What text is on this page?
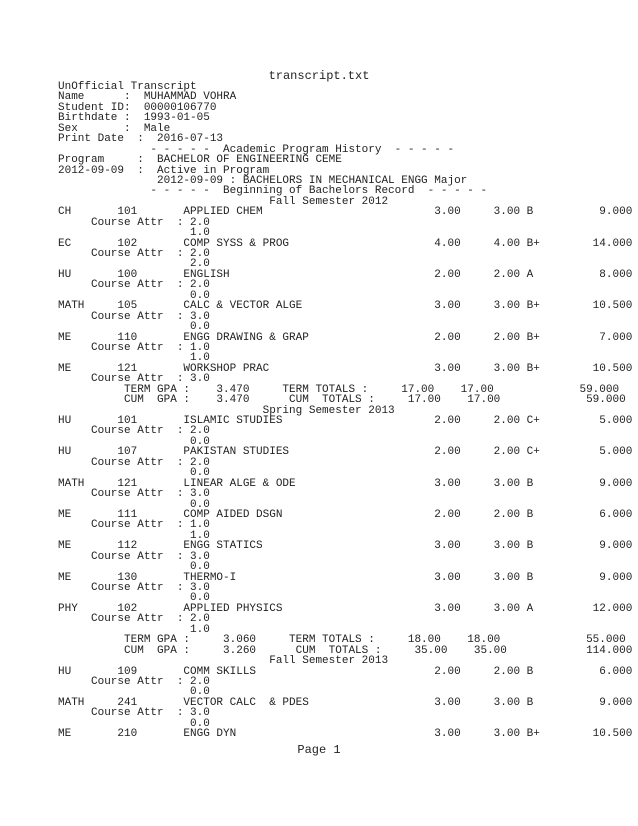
transcript.txt
UnOfficial Transcript
Name      :  MUHAMMAD VOHRA
Student ID:  00000106770
Birthdate :  1993-01-05
Sex       :  Male
Print Date  :  2016-07-13
- - - - -  Academic Program History  - - - - -
Program     :  BACHELOR OF ENGINEERING CEME
2012-09-09  :  Active in Program
2012-09-09 : BACHELORS IN MECHANICAL ENGG Major
- - - - -  Beginning of Bachelors Record  - - - - -
Fall Semester 2012
CH       101       APPLIED CHEM                          3.00     3.00 B          9.000
Course Attr  : 2.0
1.0
EC       102       COMP SYSS & PROG                      4.00     4.00 B+        14.000
Course Attr  : 2.0
2.0
HU       100       ENGLISH                               2.00     2.00 A          8.000
Course Attr  : 2.0
0.0
MATH     105       CALC & VECTOR ALGE                    3.00     3.00 B+        10.500
Course Attr  : 3.0
0.0
ME       110       ENGG DRAWING & GRAP                   2.00     2.00 B+         7.000
Course Attr  : 1.0
1.0
ME       121       WORKSHOP PRAC                         3.00     3.00 B+        10.500
Course Attr  : 3.0
TERM GPA :    3.470     TERM TOTALS :     17.00    17.00             59.000
CUM  GPA :    3.470      CUM  TOTALS :     17.00    17.00             59.000
Spring Semester 2013
HU       101       ISLAMIC STUDIES                       2.00     2.00 C+         5.000
Course Attr  : 2.0
0.0
HU       107       PAKISTAN STUDIES                      2.00     2.00 C+         5.000
Course Attr  : 2.0
0.0
MATH     121       LINEAR ALGE & ODE                     3.00     3.00 B          9.000
Course Attr  : 3.0
0.0
ME       111       COMP AIDED DSGN                       2.00     2.00 B          6.000
Course Attr  : 1.0
1.0
ME       112       ENGG STATICS                          3.00     3.00 B          9.000
Course Attr  : 3.0
0.0
ME       130       THERMO-I                              3.00     3.00 B          9.000
Course Attr  : 3.0
0.0
PHY      102       APPLIED PHYSICS                       3.00     3.00 A         12.000
Course Attr  : 2.0
1.0
TERM GPA :     3.060     TERM TOTALS :     18.00    18.00             55.000
CUM  GPA :     3.260      CUM  TOTALS :     35.00    35.00            114.000
Fall Semester 2013
HU       109       COMM SKILLS                           2.00     2.00 B          6.000
Course Attr  : 2.0
0.0
MATH     241       VECTOR CALC  & PDES                   3.00     3.00 B          9.000
Course Attr  : 3.0
0.0
ME       210       ENGG DYN                              3.00     3.00 B+        10.500
Page 1
